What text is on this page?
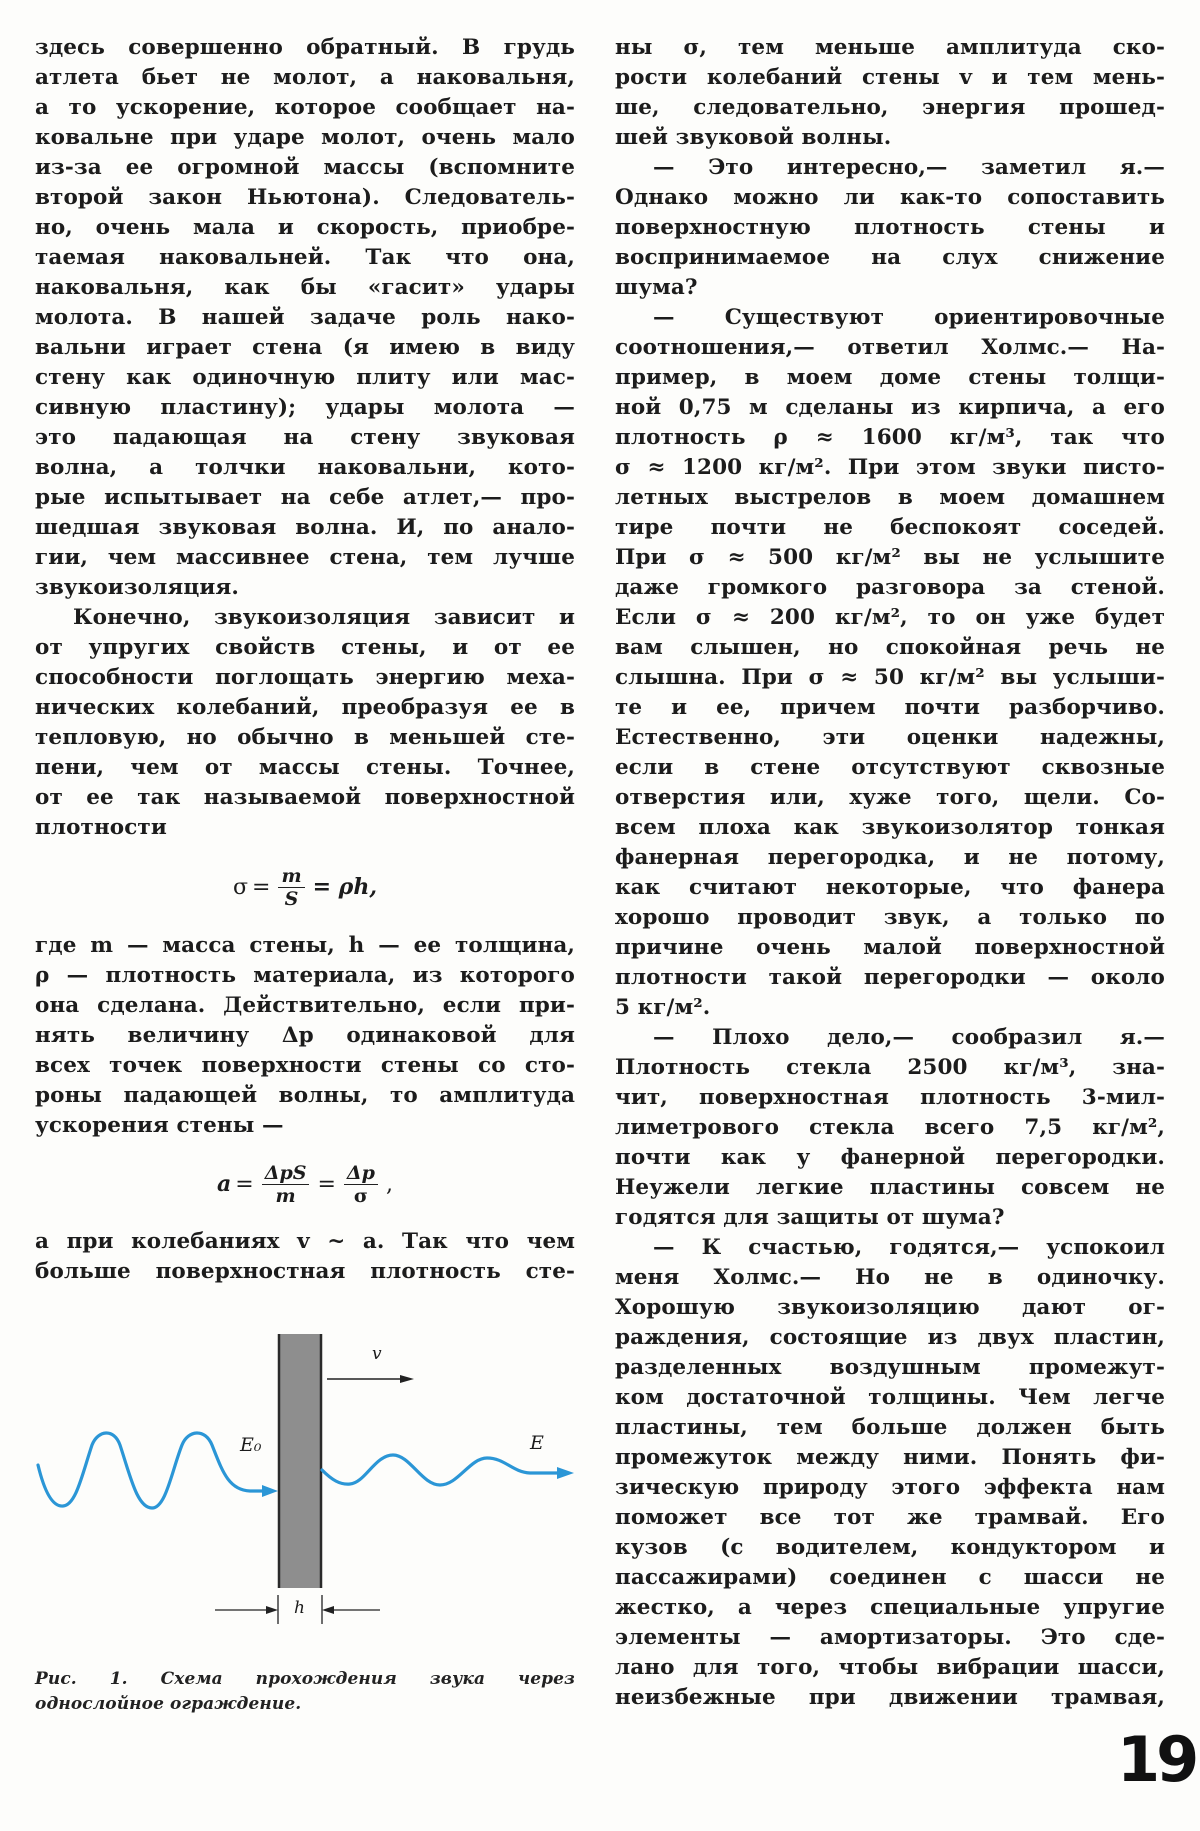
здесь совершенно обратный. В грудь
атлета бьет не молот, а наковальня,
а то ускорение, которое сообщает на-
ковальне при ударе молот, очень мало
из-за ее огромной массы (вспомните
второй закон Ньютона). Следователь-
но, очень мала и скорость, приобре-
таемая наковальней. Так что она,
наковальня, как бы «гасит» удары
молота. В нашей задаче роль нако-
вальни играет стена (я имею в виду
стену как одиночную плиту или мас-
сивную пластину); удары молота —
это падающая на стену звуковая
волна, а толчки наковальни, кото-
рые испытывает на себе атлет,— про-
шедшая звуковая волна. И, по анало-
гии, чем массивнее стена, тем лучше
звукоизоляция.
Конечно, звукоизоляция зависит и
от упругих свойств стены, и от ее
способности поглощать энергию меха-
нических колебаний, преобразуя ее в
тепловую, но обычно в меньшей сте-
пени, чем от массы стены. Точнее,
от ее так называемой поверхностной
плотности
$\sigma = \frac{m}{S} = \rho h$,
где m — масса стены, h — ее толщина,
ρ — плотность материала, из которого
она сделана. Действительно, если при-
нять величину Δp одинаковой для
всех точек поверхности стены со сто-
роны падающей волны, то амплитуда
ускорения стены —
$a = \frac{\text{ΔpS}}{m} = \frac{\Delta p}{\sigma}$ ,
а при колебаниях v ~ a. Так что чем
больше поверхностная плотность сте-
E₀	E
v
h
Рис. 1. Схема прохождения звука через
однослойное ограждение.
ны σ, тем меньше амплитуда ско-
рости колебаний стены v и тем мень-
ше, следовательно, энергия прошед-
шей звуковой волны.
— Это интересно,— заметил я.—
Однако можно ли как-то сопоставить
поверхностную плотность стены и
воспринимаемое на слух снижение
шума?
— Существуют ориентировочные
соотношения,— ответил Холмс.— На-
пример, в моем доме стены толщи-
ной 0,75 м сделаны из кирпича, а его
плотность ρ ≈ 1600 кг/м³, так что
σ ≈ 1200 кг/м². При этом звуки писто-
летных выстрелов в моем домашнем
тире почти не беспокоят соседей.
При σ ≈ 500 кг/м² вы не услышите
даже громкого разговора за стеной.
Если σ ≈ 200 кг/м², то он уже будет
вам слышен, но спокойная речь не
слышна. При σ ≈ 50 кг/м² вы услыши-
те и ее, причем почти разборчиво.
Естественно, эти оценки надежны,
если в стене отсутствуют сквозные
отверстия или, хуже того, щели. Со-
всем плоха как звукоизолятор тонкая
фанерная перегородка, и не потому,
как считают некоторые, что фанера
хорошо проводит звук, а только по
причине очень малой поверхностной
плотности такой перегородки — около
5 кг/м².
— Плохо дело,— сообразил я.—
Плотность стекла 2500 кг/м³, зна-
чит, поверхностная плотность 3-мил-
лиметрового стекла всего 7,5 кг/м²,
почти как у фанерной перегородки.
Неужели легкие пластины совсем не
годятся для защиты от шума?
— К счастью, годятся,— успокоил
меня Холмс.— Но не в одиночку.
Хорошую звукоизоляцию дают ог-
раждения, состоящие из двух пластин,
разделенных воздушным промежут-
ком достаточной толщины. Чем легче
пластины, тем больше должен быть
промежуток между ними. Понять фи-
зическую природу этого эффекта нам
поможет все тот же трамвай. Его
кузов (с водителем, кондуктором и
пассажирами) соединен с шасси не
жестко, а через специальные упругие
элементы — амортизаторы. Это сде-
лано для того, чтобы вибрации шасси,
неизбежные при движении трамвая,
19
